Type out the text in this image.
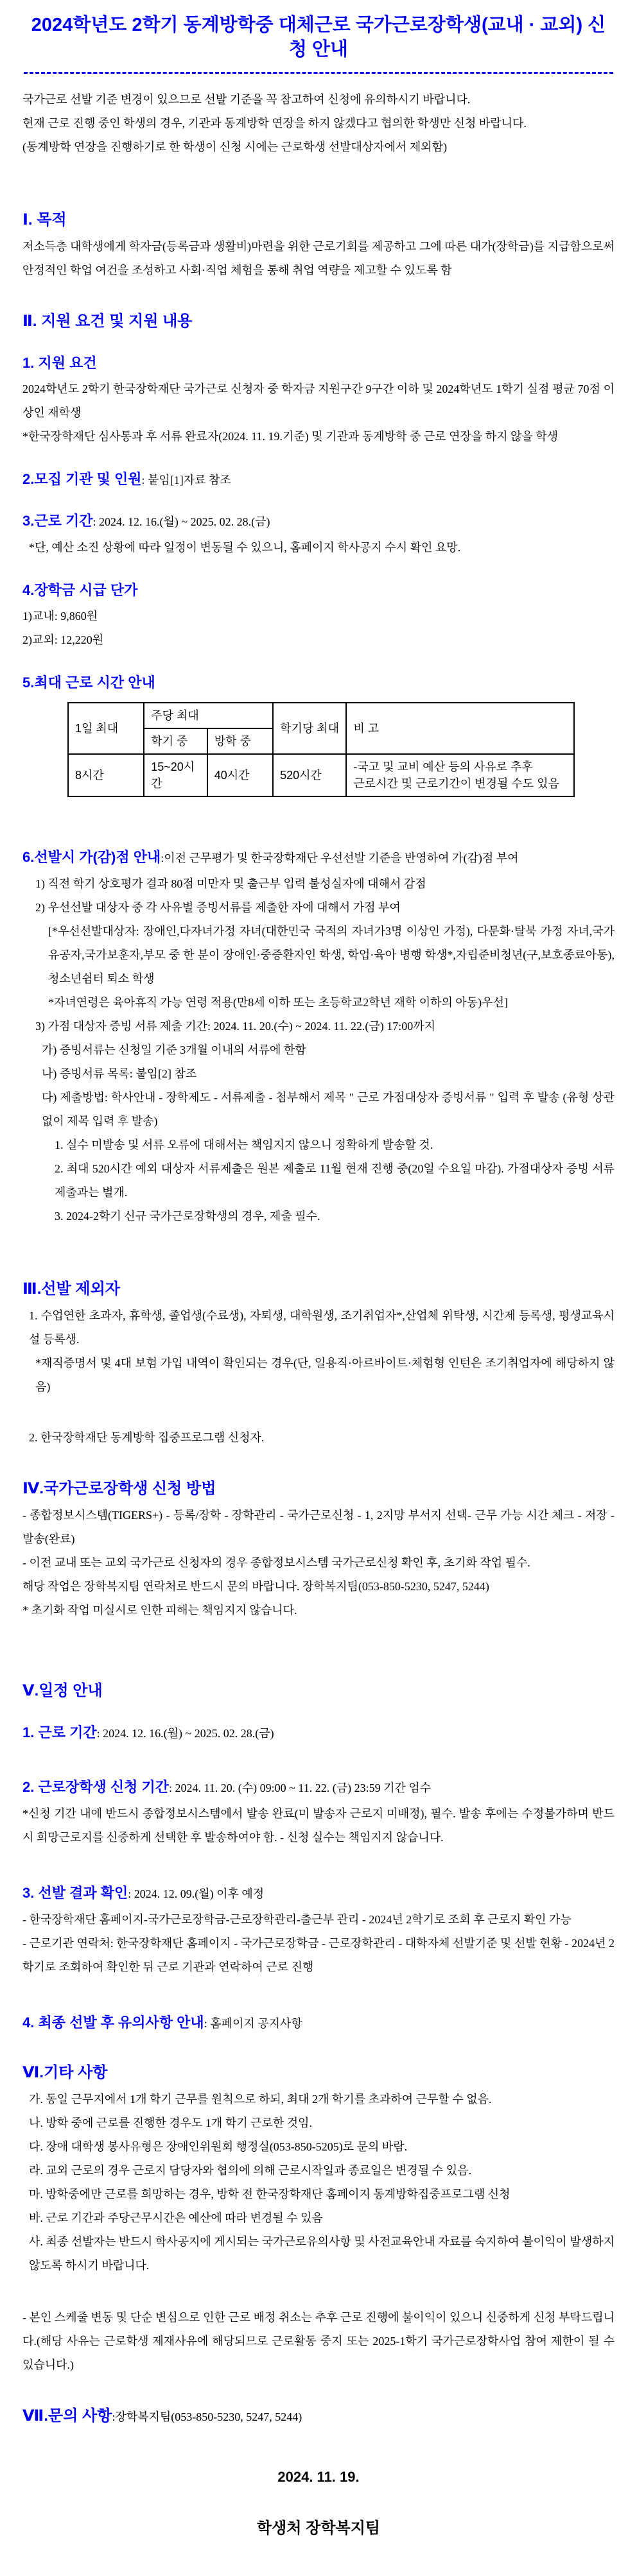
2024학년도 2학기 동계방학중 대체근로 국가근로장학생(교내 · 교외) 신청 안내
국가근로 선발 기준 변경이 있으므로 선발 기준을 꼭 참고하여 신청에 유의하시기 바랍니다.
현재 근로 진행 중인 학생의 경우, 기관과 동계방학 연장을 하지 않겠다고 협의한 학생만 신청 바랍니다.
(동계방학 연장을 진행하기로 한 학생이 신청 시에는 근로학생 선발대상자에서 제외함)
Ⅰ. 목적
저소득층 대학생에게 학자금(등록금과 생활비)마련을 위한 근로기회를 제공하고 그에 따른 대가(장학금)를 지급함으로써 안정적인 학업 여건을 조성하고 사회·직업 체험을 통해 취업 역량을 제고할 수 있도록 함
Ⅱ. 지원 요건 및 지원 내용
1. 지원 요건
2024학년도 2학기 한국장학재단 국가근로 신청자 중 학자금 지원구간 9구간 이하 및 2024학년도 1학기 실점 평균 70점 이상인 재학생
*한국장학재단 심사통과 후 서류 완료자(2024. 11. 19.기준) 및 기관과 동계방학 중 근로 연장을 하지 않을 학생
2.모집 기관 및 인원: 붙임[1]자료 참조
3.근로 기간: 2024. 12. 16.(월) ~ 2025. 02. 28.(금)
*단, 예산 소진 상황에 따라 일정이 변동될 수 있으니, 홈페이지 학사공지 수시 확인 요망.
4.장학금 시급 단가
1)교내: 9,860원
2)교외: 12,220원
5.최대 근로 시간 안내
1일 최대	주당 최대		학기당 최대	비 고
	학기 중	방학 중		
8시간	15~20시간	40시간	520시간	-국고 및 교비 예산 등의 사유로 추후
근로시간 및 근로기간이 변경될 수도 있음
6.선발시 가(감)점 안내:이전 근무평가 및 한국장학재단 우선선발 기준을 반영하여 가(감)점 부여
1) 직전 학기 상호평가 결과 80점 미만자 및 출근부 입력 불성실자에 대해서 감점
2) 우선선발 대상자 중 각 사유별 증빙서류를 제출한 자에 대해서 가점 부여
[*우선선발대상자: 장애인,다자녀가정 자녀(대한민국 국적의 자녀가3명 이상인 가정), 다문화·탈북 가정 자녀,국가유공자,국가보훈자,부모 중 한 분이 장애인·중증환자인 학생, 학업·육아 병행 학생*,자립준비청년(구,보호종료아동),청소년쉼터 퇴소 학생
*자녀연령은 육아휴직 가능 연령 적용(만8세 이하 또는 초등학교2학년 재학 이하의 아동)우선]
3) 가점 대상자 증빙 서류 제출 기간: 2024. 11. 20.(수) ~ 2024. 11. 22.(금) 17:00까지
가) 증빙서류는 신청일 기준 3개월 이내의 서류에 한함
나) 증빙서류 목록: 붙임[2] 참조
다) 제출방법: 학사안내 - 장학제도 - 서류제출 - 첨부해서 제목 " 근로 가점대상자 증빙서류 " 입력 후 발송 (유형 상관없이 제목 입력 후 발송)
1. 실수 미발송 및 서류 오류에 대해서는 책임지지 않으니 정확하게 발송할 것.
2. 최대 520시간 예외 대상자 서류제출은 원본 제출로 11월 현재 진행 중(20일 수요일 마감). 가점대상자 증빙 서류제출과는 별개.
3. 2024-2학기 신규 국가근로장학생의 경우, 제출 필수.
Ⅲ.선발 제외자
1. 수업연한 초과자, 휴학생, 졸업생(수료생), 자퇴생, 대학원생, 조기취업자*,산업체 위탁생, 시간제 등록생, 평생교육시설 등록생.
*재직증명서 및 4대 보험 가입 내역이 확인되는 경우(단, 일용직·아르바이트·체험형 인턴은 조기취업자에 해당하지 않음)
2. 한국장학재단 동계방학 집중프로그램 신청자.
Ⅳ.국가근로장학생 신청 방법
- 종합정보시스템(TIGERS+) - 등록/장학 - 장학관리 - 국가근로신청 - 1, 2지망 부서지 선택- 근무 가능 시간 체크 - 저장 - 발송(완료)
- 이전 교내 또는 교외 국가근로 신청자의 경우 종합정보시스템 국가근로신청 확인 후, 초기화 작업 필수.
해당 작업은 장학복지팀 연락처로 반드시 문의 바랍니다. 장학복지팀(053-850-5230, 5247, 5244)
* 초기화 작업 미실시로 인한 피해는 책임지지 않습니다.
Ⅴ.일정 안내
1. 근로 기간: 2024. 12. 16.(월) ~ 2025. 02. 28.(금)
2. 근로장학생 신청 기간: 2024. 11. 20. (수) 09:00 ~ 11. 22. (금) 23:59 기간 엄수
*신청 기간 내에 반드시 종합정보시스템에서 발송 완료(미 발송자 근로지 미배정), 필수. 발송 후에는 수정불가하며 반드시 희망근로지를 신중하게 선택한 후 발송하여야 함. - 신청 실수는 책임지지 않습니다.
3. 선발 결과 확인: 2024. 12. 09.(월) 이후 예정
- 한국장학재단 홈페이지-국가근로장학금-근로장학관리-출근부 관리 - 2024년 2학기로 조회 후 근로지 확인 가능
- 근로기관 연락처: 한국장학재단 홈페이지 - 국가근로장학금 - 근로장학관리 - 대학자체 선발기준 및 선발 현황 - 2024년 2학기로 조회하여 확인한 뒤 근로 기관과 연락하여 근로 진행
4. 최종 선발 후 유의사항 안내: 홈페이지 공지사항
Ⅵ.기타 사항
가. 동일 근무지에서 1개 학기 근무를 원칙으로 하되, 최대 2개 학기를 초과하여 근무할 수 없음.
나. 방학 중에 근로를 진행한 경우도 1개 학기 근로한 것임.
다. 장애 대학생 봉사유형은 장애인위원회 행정실(053-850-5205)로 문의 바람.
라. 교외 근로의 경우 근로지 담당자와 협의에 의해 근로시작일과 종료일은 변경될 수 있음.
마. 방학중에만 근로를 희망하는 경우, 방학 전 한국장학재단 홈페이지 동계방학집중프로그램 신청
바. 근로 기간과 주당근무시간은 예산에 따라 변경될 수 있음
사. 최종 선발자는 반드시 학사공지에 게시되는 국가근로유의사항 및 사전교육안내 자료를 숙지하여 불이익이 발생하지 않도록 하시기 바랍니다.
- 본인 스케줄 변동 및 단순 변심으로 인한 근로 배정 취소는 추후 근로 진행에 불이익이 있으니 신중하게 신청 부탁드립니다.(해당 사유는 근로학생 제재사유에 해당되므로 근로활동 중지 또는 2025-1학기 국가근로장학사업 참여 제한이 될 수 있습니다.)
Ⅶ.문의 사항:장학복지팀(053-850-5230, 5247, 5244)
2024. 11. 19.
학생처 장학복지팀
